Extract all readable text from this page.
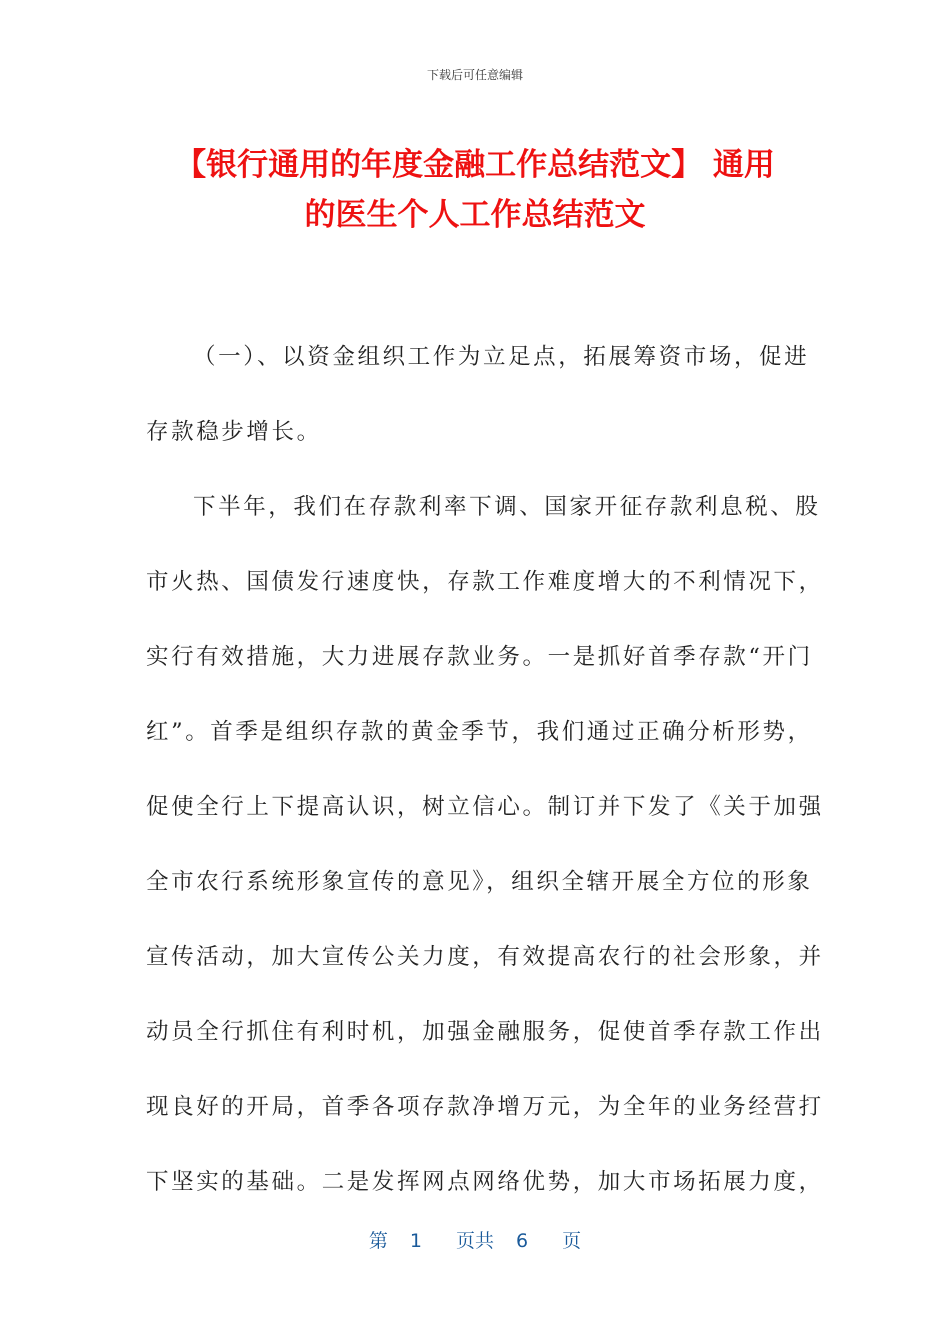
下载后可任意编辑
【银行通用的年度金融工作总结范文】 通用
的医生个人工作总结范文
（一）、以资金组织工作为立足点，拓展筹资市场，促进
存款稳步增长。
下半年，我们在存款利率下调、国家开征存款利息税、股
市火热、国债发行速度快，存款工作难度增大的不利情况下，
实行有效措施，大力进展存款业务。一是抓好首季存款“开门
红”。首季是组织存款的黄金季节，我们通过正确分析形势，
促使全行上下提高认识，树立信心。制订并下发了《关于加强
全市农行系统形象宣传的意见》，组织全辖开展全方位的形象
宣传活动，加大宣传公关力度，有效提高农行的社会形象，并
动员全行抓住有利时机，加强金融服务，促使首季存款工作出
现良好的开局，首季各项存款净增万元，为全年的业务经营打
下坚实的基础。二是发挥网点网络优势，加大市场拓展力度，
第 1 页共 6 页
